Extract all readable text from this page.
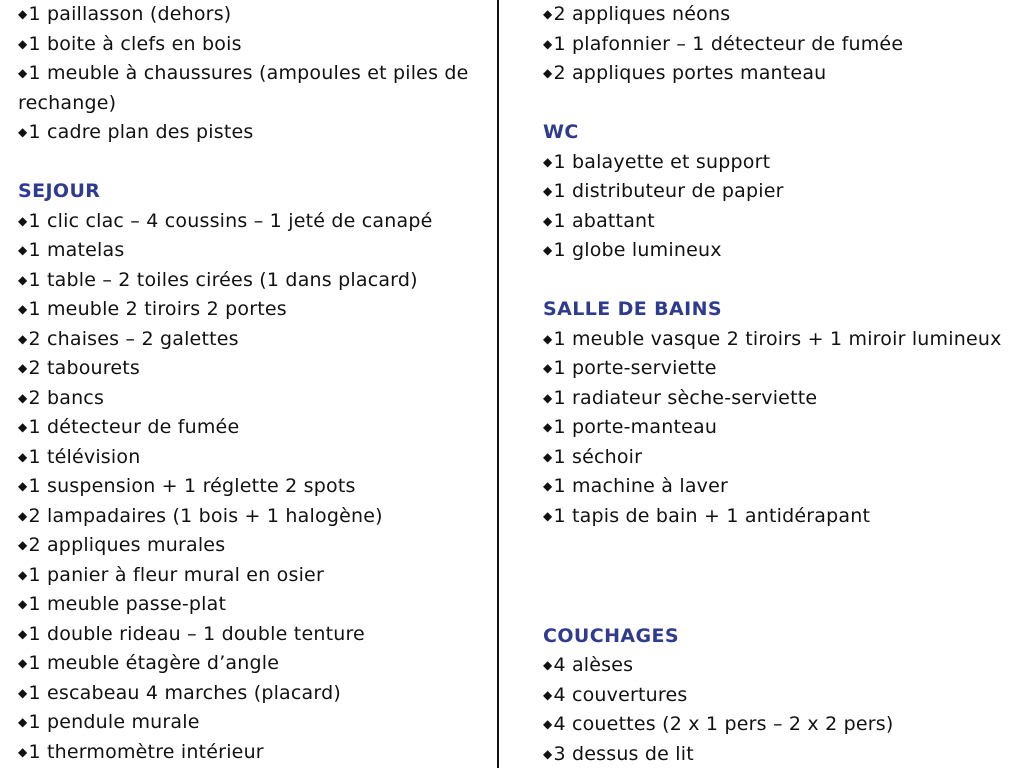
◆1 paillasson (dehors)
◆1 boite à clefs en bois
◆1 meuble à chaussures (ampoules et piles de
rechange)
◆1 cadre plan des pistes
SEJOUR
◆1 clic clac – 4 coussins – 1 jeté de canapé
◆1 matelas
◆1 table – 2 toiles cirées (1 dans placard)
◆1 meuble 2 tiroirs 2 portes
◆2 chaises – 2 galettes
◆2 tabourets
◆2 bancs
◆1 détecteur de fumée
◆1 télévision
◆1 suspension + 1 réglette 2 spots
◆2 lampadaires (1 bois + 1 halogène)
◆2 appliques murales
◆1 panier à fleur mural en osier
◆1 meuble passe-plat
◆1 double rideau – 1 double tenture
◆1 meuble étagère d’angle
◆1 escabeau 4 marches (placard)
◆1 pendule murale
◆1 thermomètre intérieur
◆2 appliques néons
◆1 plafonnier – 1 détecteur de fumée
◆2 appliques portes manteau
WC
◆1 balayette et support
◆1 distributeur de papier
◆1 abattant
◆1 globe lumineux
SALLE DE BAINS
◆1 meuble vasque 2 tiroirs + 1 miroir lumineux
◆1 porte-serviette
◆1 radiateur sèche-serviette
◆1 porte-manteau
◆1 séchoir
◆1 machine à laver
◆1 tapis de bain + 1 antidérapant
COUCHAGES
◆4 alèses
◆4 couvertures
◆4 couettes (2 x 1 pers – 2 x 2 pers)
◆3 dessus de lit
